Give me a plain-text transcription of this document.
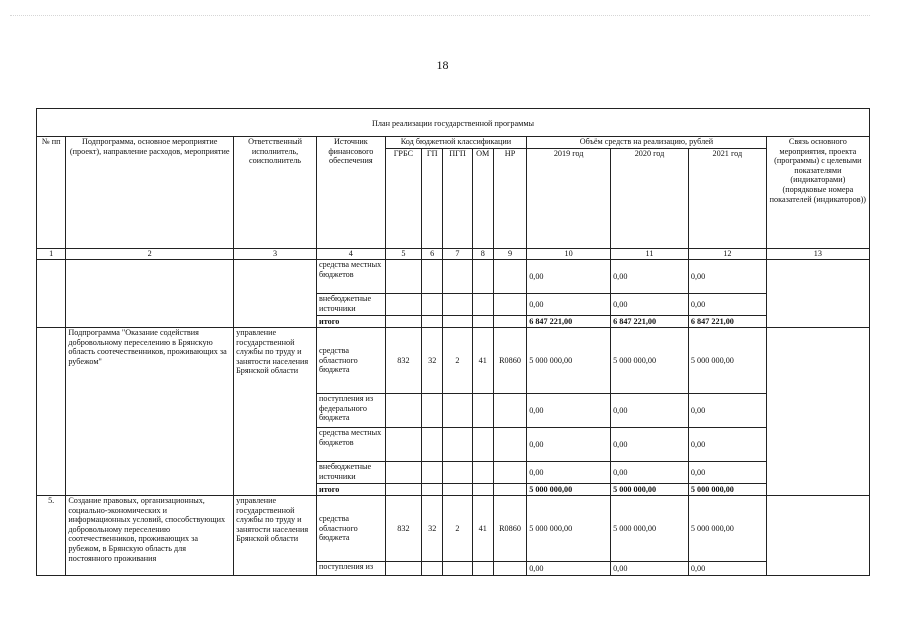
18
План реализации государственной программы												
№ пп	Подпрограмма, основное мероприятие (проект), направление расходов, мероприятие	Ответственный исполнитель, соисполнитель	Источник финансового обеспечения	Код бюджетной классификации					Объём средств на реализацию, рублей			Связь основного мероприятия, проекта (программы) с целевыми показателями (индикаторами) (порядковые номера показателей (индикаторов))
				ГРБС	ГП	ПГП	ОМ	НР	2019 год	2020 год	2021 год	
1	2	3	4	5	6	7	8	9	10	11	12	13
			средства местных бюджетов						0,00	0,00	0,00	
			внебюджетные источники						0,00	0,00	0,00	
			итого						6 847 221,00	6 847 221,00	6 847 221,00	
	Подпрограмма "Оказание содействия добровольному переселению в Брянскую область соотечественников, проживающих за рубежом"	управление государственной службы по труду и занятости населения Брянской области	средства областного бюджета	832	32	2	41	R0860	5 000 000,00	5 000 000,00	5 000 000,00	
			поступления из федерального бюджета						0,00	0,00	0,00	
			средства местных бюджетов						0,00	0,00	0,00	
			внебюджетные источники						0,00	0,00	0,00	
			итого						5 000 000,00	5 000 000,00	5 000 000,00	
5.	Создание правовых, организационных, социально-экономических и информационных условий, способствующих добровольному переселению соотечественников, проживающих за рубежом, в Брянскую область для постоянного проживания	управление государственной службы по труду и занятости населения Брянской области	средства областного бюджета	832	32	2	41	R0860	5 000 000,00	5 000 000,00	5 000 000,00	
			поступления из						0,00	0,00	0,00	
